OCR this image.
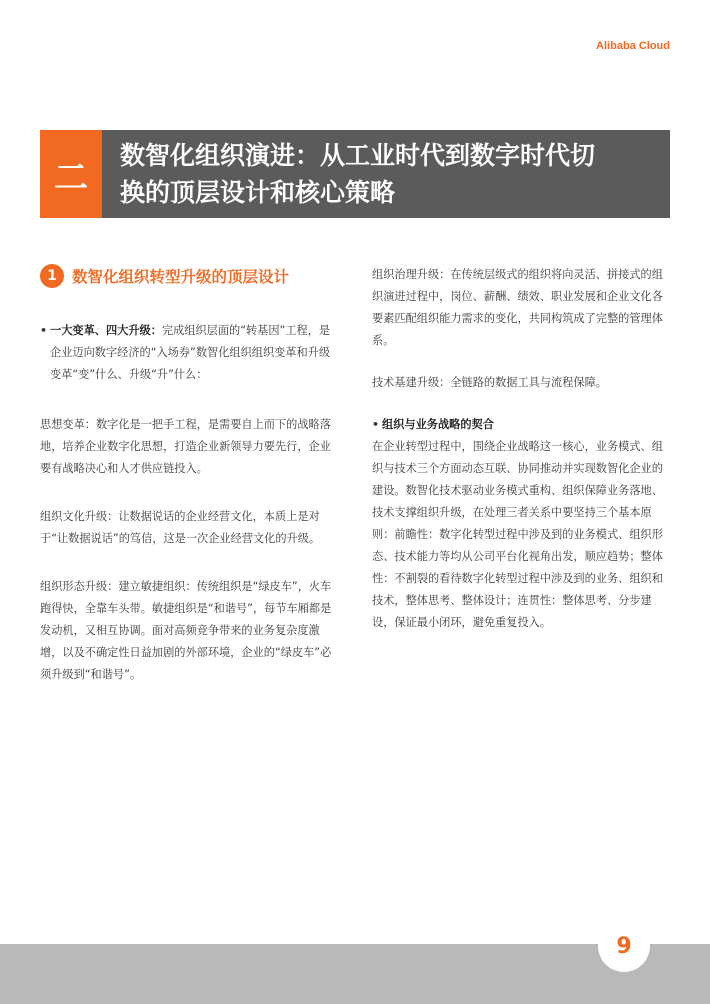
Alibaba Cloud
二
数智化组织演进：从工业时代到数字时代切
换的顶层设计和核心策略
1 数智化组织转型升级的顶层设计
• 一大变革、四大升级：完成组织层面的“转基因”工程，是企业迈向数字经济的“入场券”数智化组织组织变革和升级变革“变”什么、升级“升”什么：

思想变革：数字化是一把手工程，是需要自上而下的战略落地，培养企业数字化思想，打造企业新领导力要先行，企业要有战略决心和人才供应链投入。

组织文化升级：让数据说话的企业经营文化，本质上是对于“让数据说话”的笃信，这是一次企业经营文化的升级。

组织形态升级：建立敏捷组织：传统组织是“绿皮车”，火车跑得快，全靠车头带。敏捷组织是“和谐号”，每节车厢都是发动机，又相互协调。面对高频竞争带来的业务复杂度激增，以及不确定性日益加剧的外部环境，企业的“绿皮车”必须升级到“和谐号”。

组织治理升级：在传统层级式的组织将向灵活、拼接式的组织演进过程中，岗位、薪酬、绩效、职业发展和企业文化各要素匹配组织能力需求的变化，共同构筑成了完整的管理体系。

技术基建升级：全链路的数据工具与流程保障。

• 组织与业务战略的契合

在企业转型过程中，围绕企业战略这一核心，业务模式、组织与技术三个方面动态互联、协同推动并实现数智化企业的建设。数智化技术驱动业务模式重构、组织保障业务落地、技术支撑组织升级，在处理三者关系中要坚持三个基本原则：前瞻性：数字化转型过程中涉及到的业务模式、组织形态、技术能力等均从公司平台化视角出发，顺应趋势；整体性：不割裂的看待数字化转型过程中涉及到的业务、组织和技术，整体思考、整体设计；连贯性：整体思考、分步建设，保证最小闭环，避免重复投入。

9
